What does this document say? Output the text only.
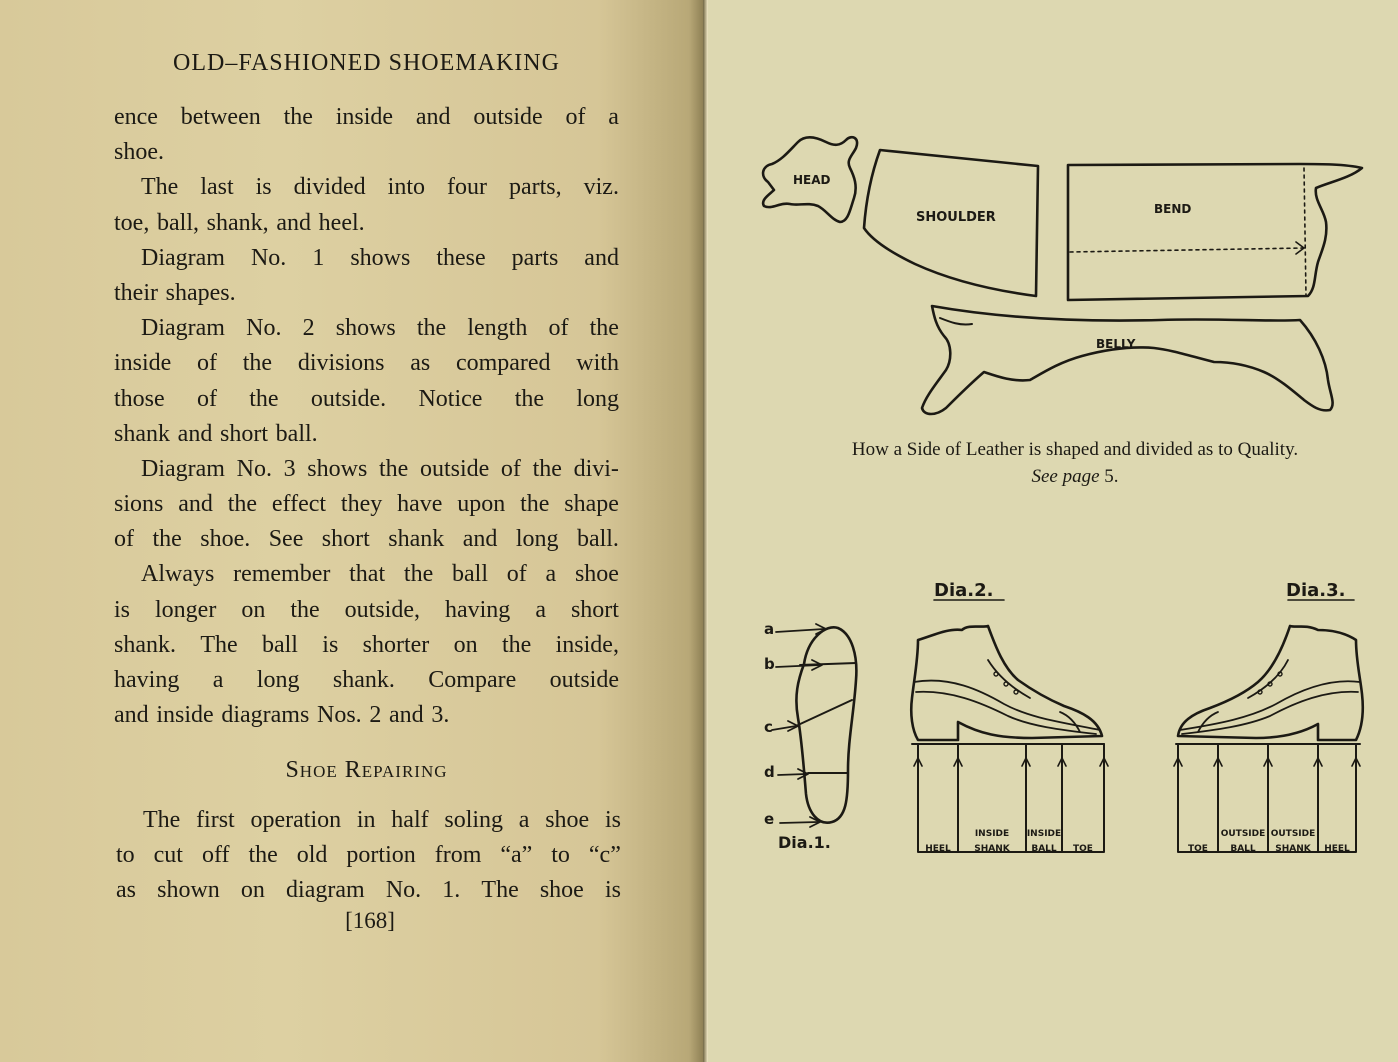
OLD–FASHIONED SHOEMAKING
ence between the inside and outside of a
shoe.
The last is divided into four parts, viz.
toe, ball, shank, and heel.
Diagram No. 1 shows these parts and
their shapes.
Diagram No. 2 shows the length of the
inside of the divisions as compared with
those of the outside. Notice the long
shank and short ball.
Diagram No. 3 shows the outside of the divi-
sions and the effect they have upon the shape
of the shoe. See short shank and long ball.
Always remember that the ball of a shoe
is longer on the outside, having a short
shank. The ball is shorter on the inside,
having a long shank. Compare outside
and inside diagrams Nos. 2 and 3.
Shoe Repairing
The first operation in half soling a shoe is
to cut off the old portion from “a” to “c”
as shown on diagram No. 1. The shoe is
[168]
HEAD
SHOULDER
BEND
BELLY
Dia.1.
Dia.2.	Dia.3.
a
b
c
d
e
HEEL
INSIDE
SHANK
INSIDE
BALL TOE	TOE
OUTSIDE
BALL
OUTSIDE
SHANK HEEL
How a Side of Leather is shaped and divided as to Quality.
See page 5.
